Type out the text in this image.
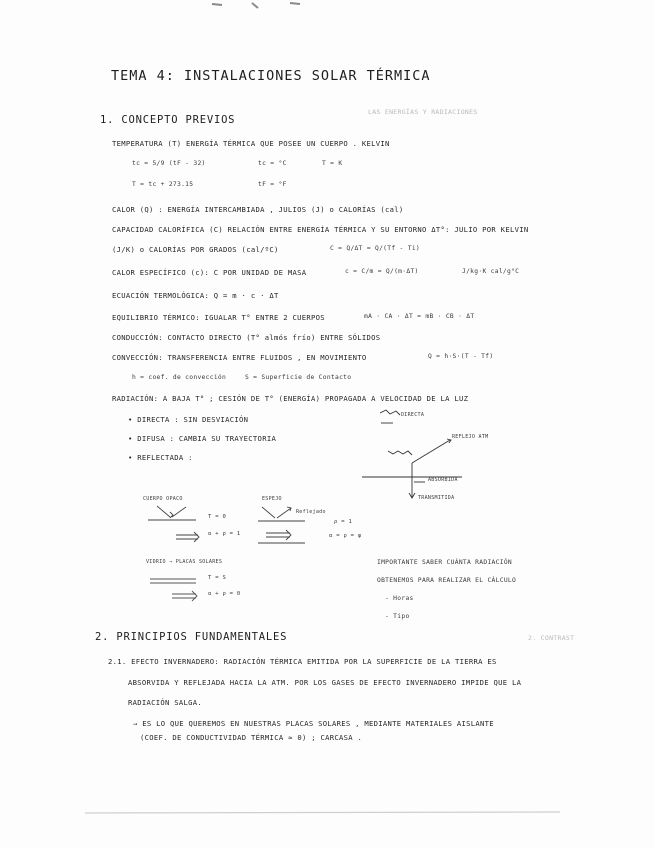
LAS ENERGÍAS Y RADIACIONES
2. CONTRAST
TEMA 4: INSTALACIONES SOLAR TÉRMICA
1. CONCEPTO PREVIOS
TEMPERATURA (T) ENERGÍA TÉRMICA QUE POSEE UN CUERPO . KELVIN
tc = 5/9 (tF - 32)	tc = °C	T = K
T = tc + 273.15	tF = °F
CALOR (Q) : ENERGÍA INTERCAMBIADA , JULIOS (J) o CALORÍAS (cal)
CAPACIDAD CALORÍFICA (C) RELACIÓN ENTRE ENERGÍA TÉRMICA Y SU ENTORNO ΔT°: JULIO POR KELVIN
(J/K) o CALORÍAS POR GRADOS (cal/ºC)	C = Q/ΔT = Q/(Tf - Ti)
CALOR ESPECÍFICO (c): C POR UNIDAD DE MASA	c = C/m = Q/(m·ΔT)	J/kg·K cal/g°C
ECUACIÓN TERMOLÓGICA: Q = m · c · ΔT
EQUILIBRIO TÉRMICO: IGUALAR T° ENTRE 2 CUERPOS	mA · CA · ΔT = mB · CB · ΔT
CONDUCCIÓN: CONTACTO DIRECTO (T° almós frío) ENTRE SÓLIDOS
CONVECCIÓN: TRANSFERENCIA ENTRE FLUIDOS , EN MOVIMIENTO	Q = h·S·(T - Tf)
h = coef. de convección	S = Superficie de Contacto
RADIACIÓN: A BAJA T° ; CESIÓN DE T° (ENERGÍA) PROPAGADA A VELOCIDAD DE LA LUZ
• DIRECTA : SIN DESVIACIÓN
• DIFUSA : CAMBIA SU TRAYECTORIA
• REFLECTADA :
DIRECTA
REFLEJO ATM
ABSORBIDA
TRANSMITIDA
CUERPO OPACO
T = 0
α + ρ = 1
ESPEJO
Reflejado
ρ = 1
α = ρ = φ
VIDRIO → PLACAS SOLARES
T = S
α + ρ = 0
IMPORTANTE SABER CUÁNTA RADIACIÓN
OBTENEMOS PARA REALIZAR EL CÁLCULO
- Horas
- Tipo
2. PRINCIPIOS FUNDAMENTALES
2.1. EFECTO INVERNADERO: RADIACIÓN TÉRMICA EMITIDA POR LA SUPERFICIE DE LA TIERRA ES
ABSORVIDA Y REFLEJADA HACIA LA ATM. POR LOS GASES DE EFECTO INVERNADERO IMPIDE QUE LA
RADIACIÓN SALGA.
→ ES LO QUE QUEREMOS EN NUESTRAS PLACAS SOLARES , MEDIANTE MATERIALES AISLANTE
(COEF. DE CONDUCTIVIDAD TÉRMICA ≈ 0) ; CARCASA .
